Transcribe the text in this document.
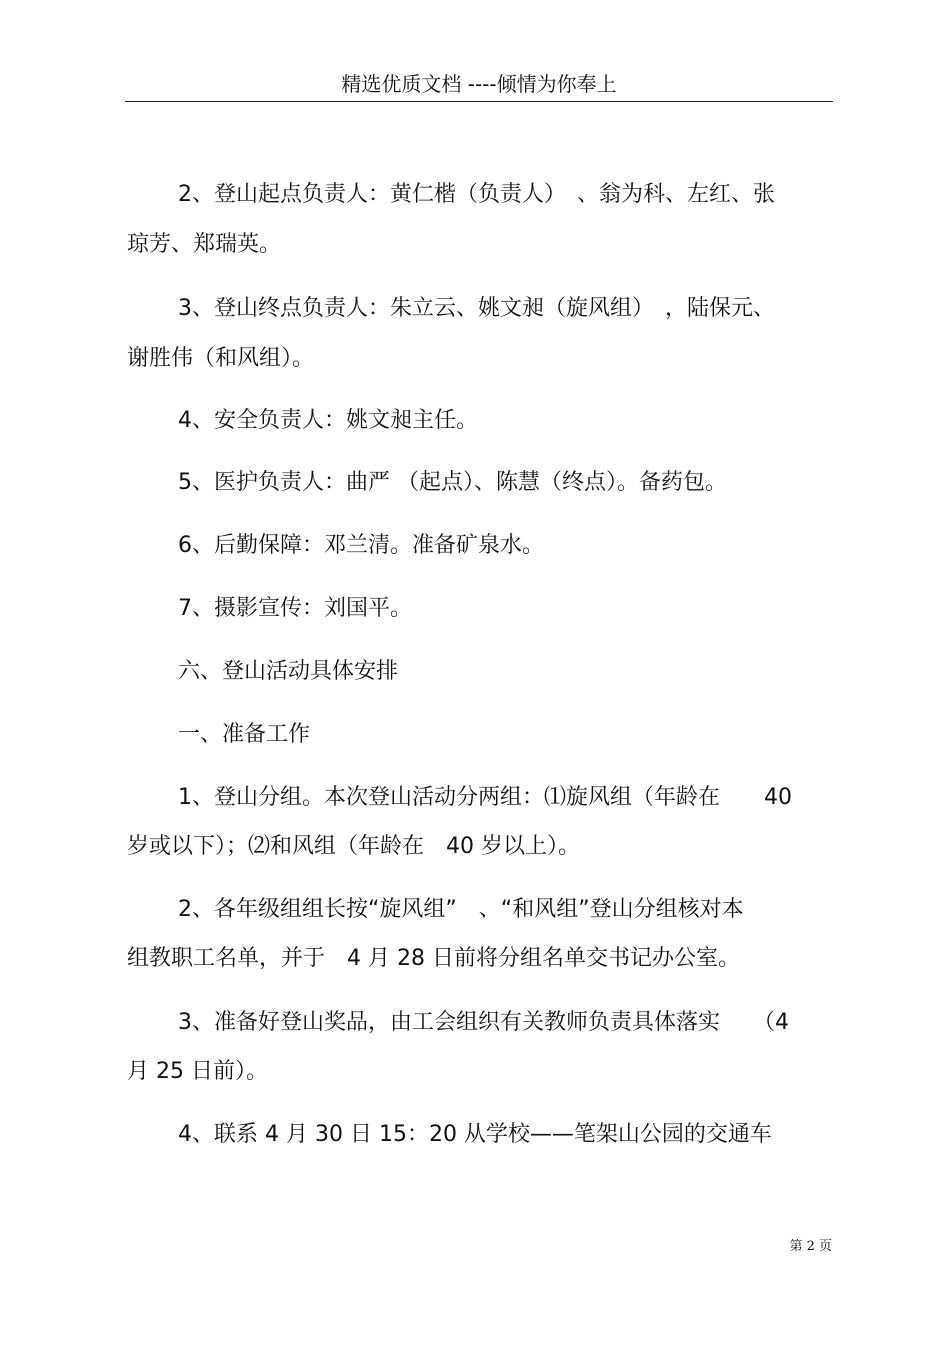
精选优质文档 ----倾情为你奉上
2、登山起点负责人：黄仁楷（负责人）　、翁为科、左红、张
琼芳、郑瑞英。
3、登山终点负责人：朱立云、姚文昶（旋风组）　，陆保元、
谢胜伟（和风组）。
4、安全负责人：姚文昶主任。
5、医护负责人：曲严 （起点）、陈慧（终点）。备药包。
6、后勤保障：邓兰清。准备矿泉水。
7、摄影宣传：刘国平。
六、登山活动具体安排
一、准备工作
1、登山分组。本次登山活动分两组：⑴旋风组（年龄在　　40
岁或以下）；⑵和风组（年龄在　40 岁以上）。
2、各年级组组长按“旋风组”　、“和风组”登山分组核对本
组教职工名单，并于　4 月 28 日前将分组名单交书记办公室。
3、准备好登山奖品，由工会组织有关教师负责具体落实　　（4
月 25 日前）。
4、联系 4 月 30 日 15：20 从学校——笔架山公园的交通车
第 2 页
